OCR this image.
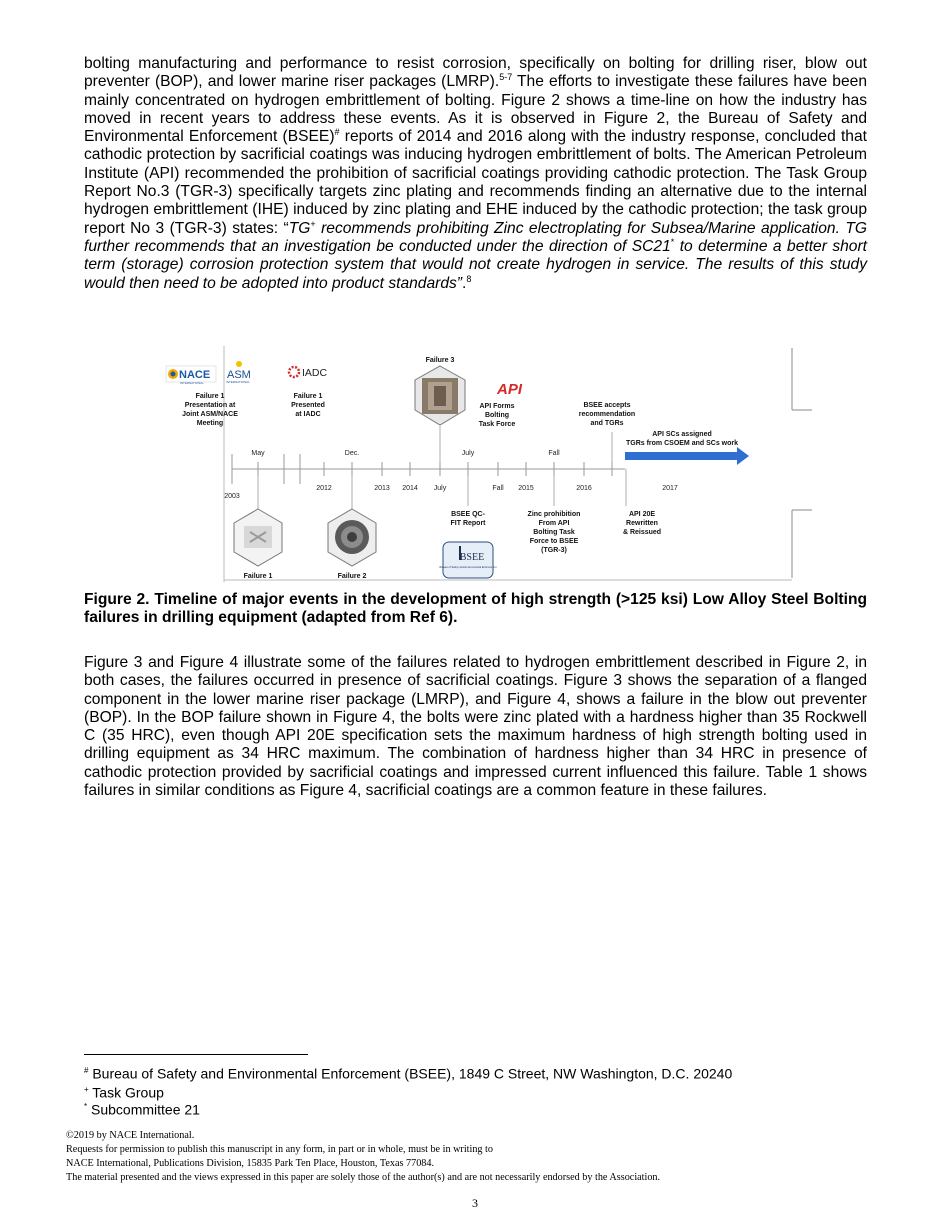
bolting manufacturing and performance to resist corrosion, specifically on bolting for drilling riser, blow out preventer (BOP), and lower marine riser packages (LMRP).$^{5-7}$ The efforts to investigate these failures have been mainly concentrated on hydrogen embrittlement of bolting. Figure 2 shows a time-line on how the industry has moved in recent years to address these events. As it is observed in Figure 2, the Bureau of Safety and Environmental Enforcement (BSEE)# reports of 2014 and 2016 along with the industry response, concluded that cathodic protection by sacrificial coatings was inducing hydrogen embrittlement of bolts. The American Petroleum Institute (API) recommended the prohibition of sacrificial coatings providing cathodic protection. The Task Group Report No.3 (TGR-3) specifically targets zinc plating and recommends finding an alternative due to the internal hydrogen embrittlement (IHE) induced by zinc plating and EHE induced by the cathodic protection; the task group report No 3 (TGR-3) states: “TG+ recommends prohibiting Zinc electroplating for Subsea/Marine application. TG further recommends that an investigation be conducted under the direction of SC21* to determine a better short term (storage) corrosion protection system that would not create hydrogen in service. The results of this study would then need to be adopted into product standards”.$^8$

NACE
INTERNATIONAL
ASM
INTERNATIONAL
IADC
Failure 3
API
Failure 1
Presentation at
Joint ASM/NACE
Meeting
Failure 1
Presented
at IADC
API Forms
Bolting
Task Force
BSEE accepts
recommendation
and TGRs
API SCs assigned
TGRs from CSOEM and SCs work
May	Dec.	July	Fall
2003
2012	2013 2014 July	Fall 2015	2016	2017
BSEE QC-
FIT Report
Zinc prohibition
From API
Bolting Task
Force to BSEE
(TGR-3)
API 20E
Rewritten
& Reissued
BSEE
Bureau of Safety and Environmental Enforcement
Failure 1	Failure 2

Figure 2. Timeline of major events in the development of high strength (>125 ksi) Low Alloy Steel Bolting failures in drilling equipment (adapted from Ref 6).

Figure 3 and Figure 4 illustrate some of the failures related to hydrogen embrittlement described in Figure 2, in both cases, the failures occurred in presence of sacrificial coatings. Figure 3 shows the separation of a flanged component in the lower marine riser package (LMRP), and Figure 4, shows a failure in the blow out preventer (BOP). In the BOP failure shown in Figure 4, the bolts were zinc plated with a hardness higher than 35 Rockwell C (35 HRC), even though API 20E specification sets the maximum hardness of high strength bolting used in drilling equipment as 34 HRC maximum. The combination of hardness higher than 34 HRC in presence of cathodic protection provided by sacrificial coatings and impressed current influenced this failure. Table 1 shows failures in similar conditions as Figure 4, sacrificial coatings are a common feature in these failures.

# Bureau of Safety and Environmental Enforcement (BSEE), 1849 C Street, NW Washington, D.C. 20240
+ Task Group
* Subcommittee 21
©2019 by NACE International.
Requests for permission to publish this manuscript in any form, in part or in whole, must be in writing to
NACE International, Publications Division, 15835 Park Ten Place, Houston, Texas 77084.
The material presented and the views expressed in this paper are solely those of the author(s) and are not necessarily endorsed by the Association.
3
